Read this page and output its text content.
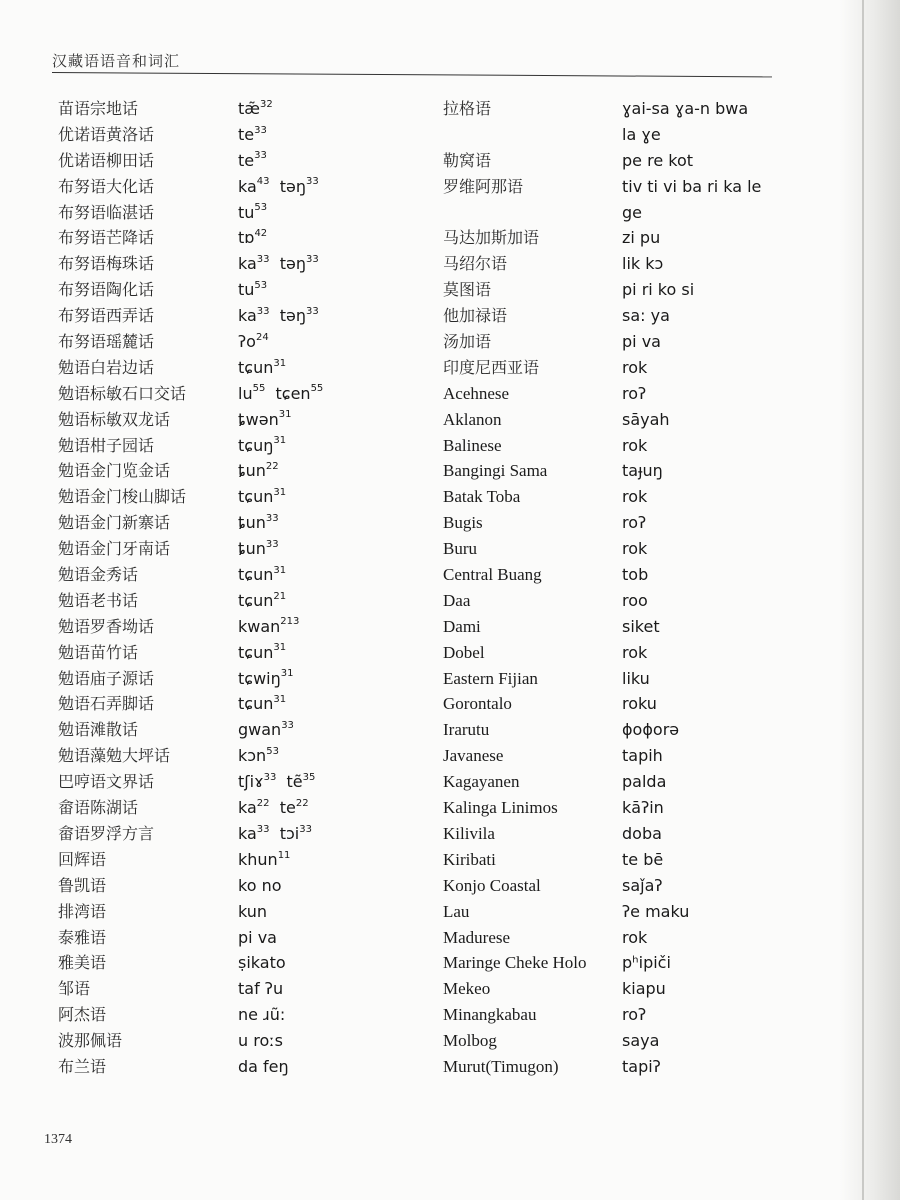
汉藏语语音和词汇
苗语宗地话
优诺语黄洛话
优诺语柳田话
布努语大化话
布努语临湛话
布努语芒降话
布努语梅珠话
布努语陶化话
布努语西弄话
布努语瑶麓话
勉语白岩边话
勉语标敏石口交话
勉语标敏双龙话
勉语柑子园话
勉语金门览金话
勉语金门梭山脚话
勉语金门新寨话
勉语金门牙南话
勉语金秀话
勉语老书话
勉语罗香坳话
勉语苗竹话
勉语庙子源话
勉语石弄脚话
勉语滩散话
勉语藻勉大坪话
巴哼语文界话
畲语陈湖话
畲语罗浮方言
回辉语
鲁凯语
排湾语
泰雅语
雅美语
邹语
阿杰语
波那佩语
布兰语
tæ̃$^{32}$
$te^{33}$
$te^{33}$
$ka^{43}$ təŋ$^{33}$
$tu^{53}$
tɒ$^{42}$
$ka^{33}$ təŋ$^{33}$
$tu^{53}$
$ka^{33}$ təŋ$^{33}$
ʔo$^{24}$
tɕun$^{31}$
$lu^{55}$ tɕen$^{55}$
ȶwən$^{31}$
tɕuŋ$^{31}$
ȶun$^{22}$
tɕun$^{31}$
ȶun$^{33}$
ȶun$^{33}$
tɕun$^{31}$
tɕun$^{21}$
kwan$^{213}$
tɕun$^{31}$
tɕwiŋ$^{31}$
tɕun$^{31}$
gwan$^{33}$
kɔn$^{53}$
tʃiɤ$^{33}$ tẽ$^{35}$
$ka^{22}$ $te^{22}$
$ka^{33}$ tɔi$^{33}$
khun$^{11}$
ko no
kun
pi va
ṣikato
taf ʔu
ne ɹũ:
u roːs
da feŋ
拉格语
勒窝语
罗维阿那语
马达加斯加语
马绍尔语
莫图语
他加禄语
汤加语
印度尼西亚语
Acehnese
Aklanon
Balinese
Bangingi Sama
Batak Toba
Bugis
Buru
Central Buang
Daa
Dami
Dobel
Eastern Fijian
Gorontalo
Irarutu
Javanese
Kagayanen
Kalinga Linimos
Kilivila
Kiribati
Konjo Coastal
Lau
Madurese
Maringe Cheke Holo
Mekeo
Minangkabau
Molbog
Murut(Timugon)
ɣai-sa ɣa-n bwa
la ɣe
pe re kot
tiv ti vi ba ri ka le
ge
zi pu
lik kɔ
pi ri ko si
sa: ya
pi va
rok
roʔ
sāyah
rok
taɟuŋ
rok
roʔ
rok
tob
roo
siket
rok
liku
roku
ɸoɸorə
tapih
palda
kāʔin
doba
te bē
saǰaʔ
ʔe maku
rok
pʰipiči
kiapu
roʔ
saya
tapiʔ
1374
